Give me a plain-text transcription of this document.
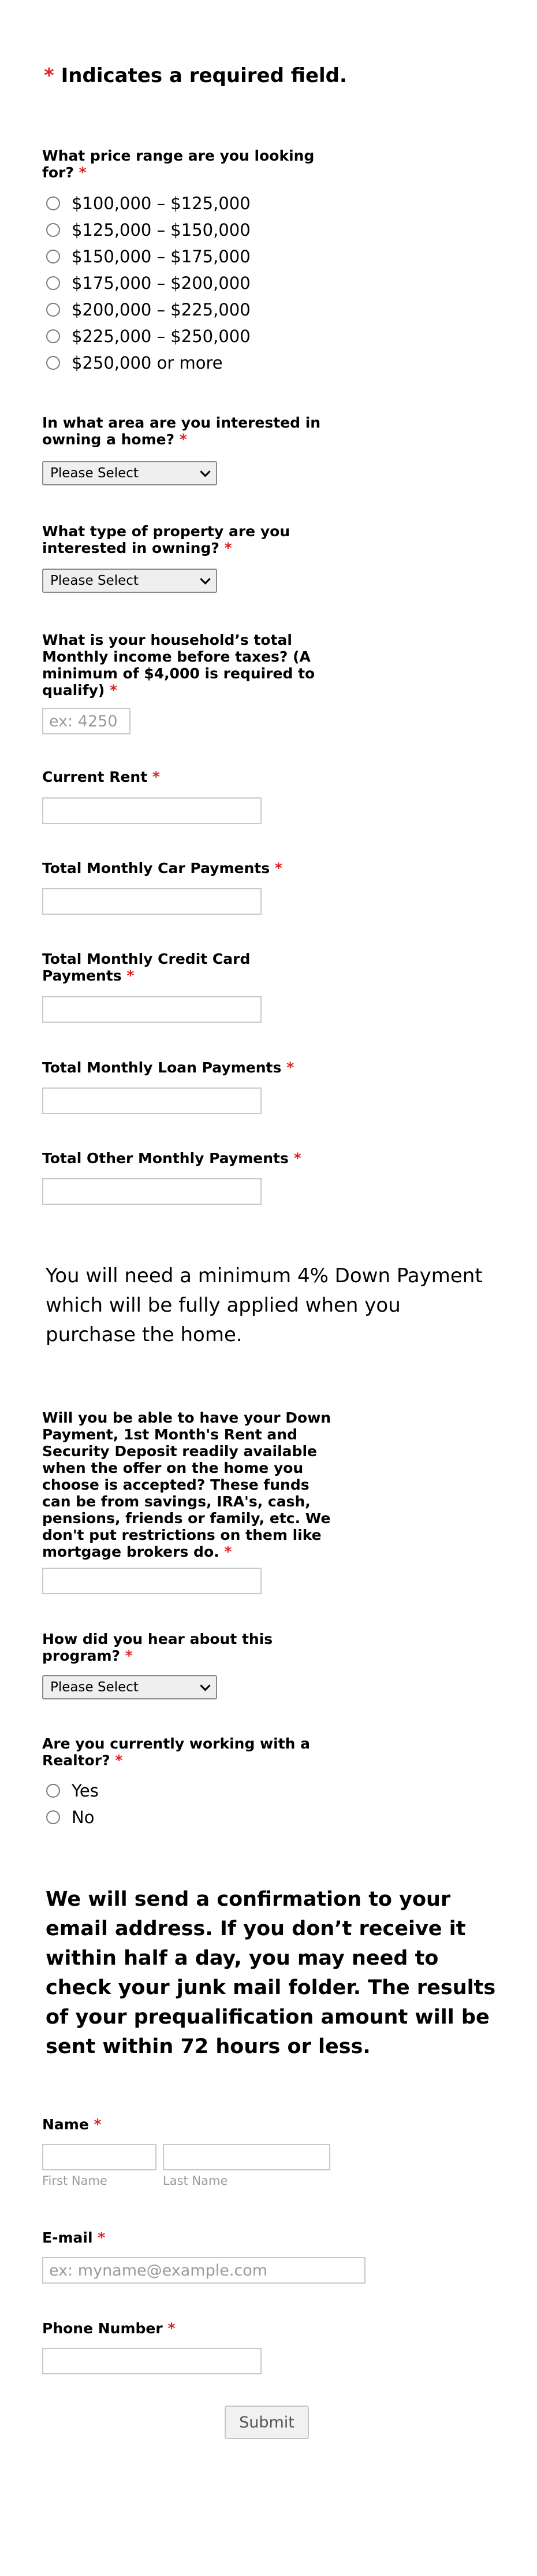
* Indicates a required field.
What price range are you looking for? *
$100,000 – $125,000
$125,000 – $150,000
$150,000 – $175,000
$175,000 – $200,000
$200,000 – $225,000
$225,000 – $250,000
$250,000 or more
In what area are you interested in owning a home? *
Please Select
What type of property are you interested in owning? *
Please Select
What is your household’s total Monthly income before taxes? (A minimum of $4,000 is required to qualify) *
ex: 4250
Current Rent *
Total Monthly Car Payments *
Total Monthly Credit Card Payments *
Total Monthly Loan Payments *
Total Other Monthly Payments *
You will need a minimum 4% Down Payment which will be fully applied when you purchase the home.
Will you be able to have your Down Payment, 1st Month's Rent and Security Deposit readily available when the offer on the home you choose is accepted? These funds can be from savings, IRA's, cash, pensions, friends or family, etc. We don't put restrictions on them like mortgage brokers do. *
How did you hear about this program? *
Please Select
Are you currently working with a Realtor? *
Yes
No
We will send a confirmation to your email address. If you don’t receive it within half a day, you may need to check your junk mail folder. The results of your prequalification amount will be sent within 72 hours or less.
Name *
First Name	Last Name
E-mail *
ex: myname@example.com
Phone Number *
Submit
